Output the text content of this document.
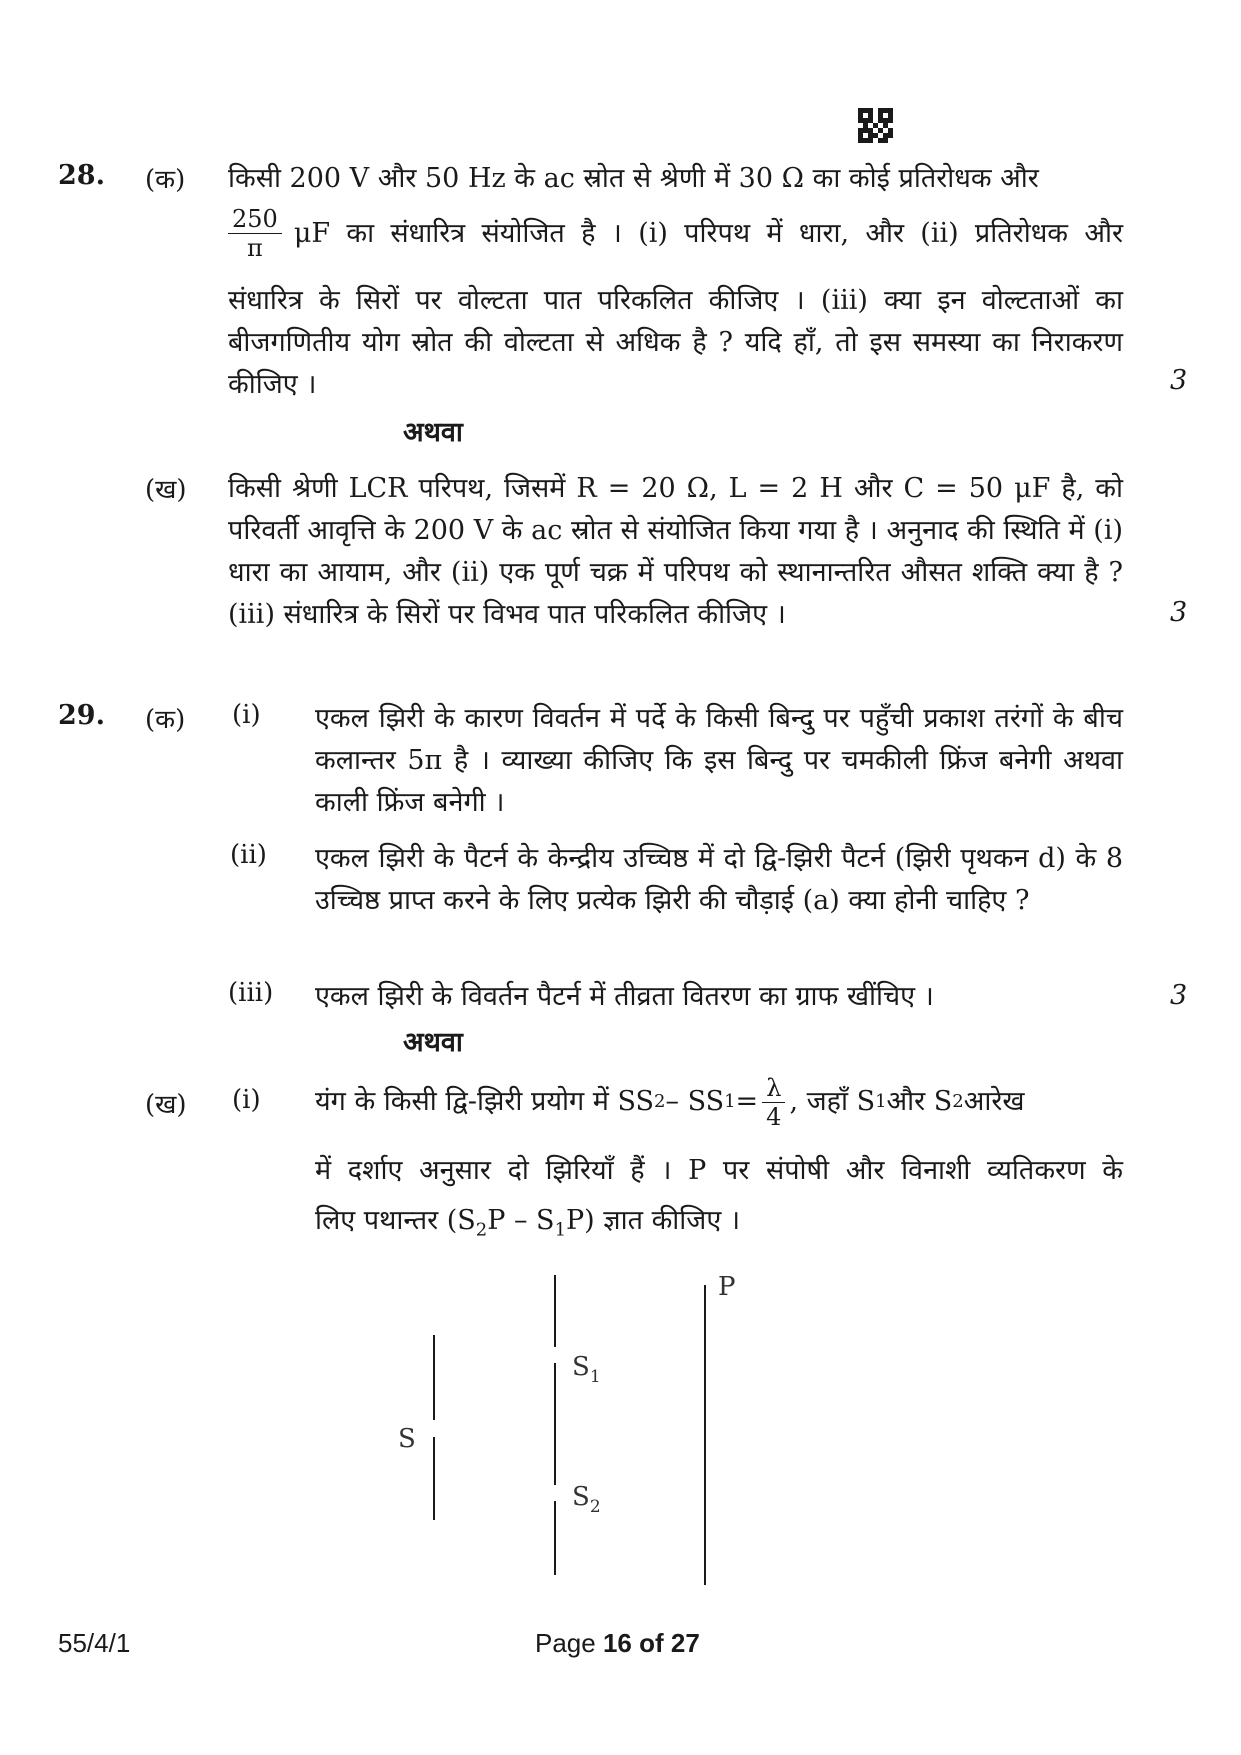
28. (क) किसी 200 V और 50 Hz के ac स्रोत से श्रेणी में 30 Ω का कोई प्रतिरोधक और
$\frac{250}{\pi}$ μF का संधारित्र संयोजित है । (i) परिपथ में धारा, और (ii) प्रतिरोधक और
संधारित्र के सिरों पर वोल्टता पात परिकलित कीजिए । (iii) क्या इन वोल्टताओं का बीजगणितीय योग स्रोत की वोल्टता से अधिक है ? यदि हाँ, तो इस समस्या का निराकरण कीजिए ।	3
अथवा
(ख) किसी श्रेणी LCR परिपथ, जिसमें R = 20 Ω, L = 2 H और C = 50 μF है, को परिवर्ती आवृत्ति के 200 V के ac स्रोत से संयोजित किया गया है । अनुनाद की स्थिति में (i) धारा का आयाम, और (ii) एक पूर्ण चक्र में परिपथ को स्थानान्तरित औसत शक्ति क्या है ? (iii) संधारित्र के सिरों पर विभव पात परिकलित कीजिए ।	3
29. (क) (i) एकल झिरी के कारण विवर्तन में पर्दे के किसी बिन्दु पर पहुँची प्रकाश तरंगों के बीच कलान्तर 5π है । व्याख्या कीजिए कि इस बिन्दु पर चमकीली फ्रिंज बनेगी अथवा काली फ्रिंज बनेगी ।
(ii) एकल झिरी के पैटर्न के केन्द्रीय उच्चिष्ठ में दो द्वि-झिरी पैटर्न (झिरी पृथकन d) के 8 उच्चिष्ठ प्राप्त करने के लिए प्रत्येक झिरी की चौड़ाई (a) क्या होनी चाहिए ?
(iii) एकल झिरी के विवर्तन पैटर्न में तीव्रता वितरण का ग्राफ खींचिए ।	3
अथवा
(ख) (i) यंग के किसी द्वि-झिरी प्रयोग में SS 2 – SS $1 = \frac{\lambda}{4}$ , जहाँ S 1 और S 2 आरेख
में दर्शाए अनुसार दो झिरियाँ हैं । P पर संपोषी और विनाशी व्यतिकरण के
लिए पथान्तर $(S_2P - S_1P)$ ज्ञात कीजिए ।
S
$S_1$
$S_2$
P
55/4/1	Page 16 of 27
